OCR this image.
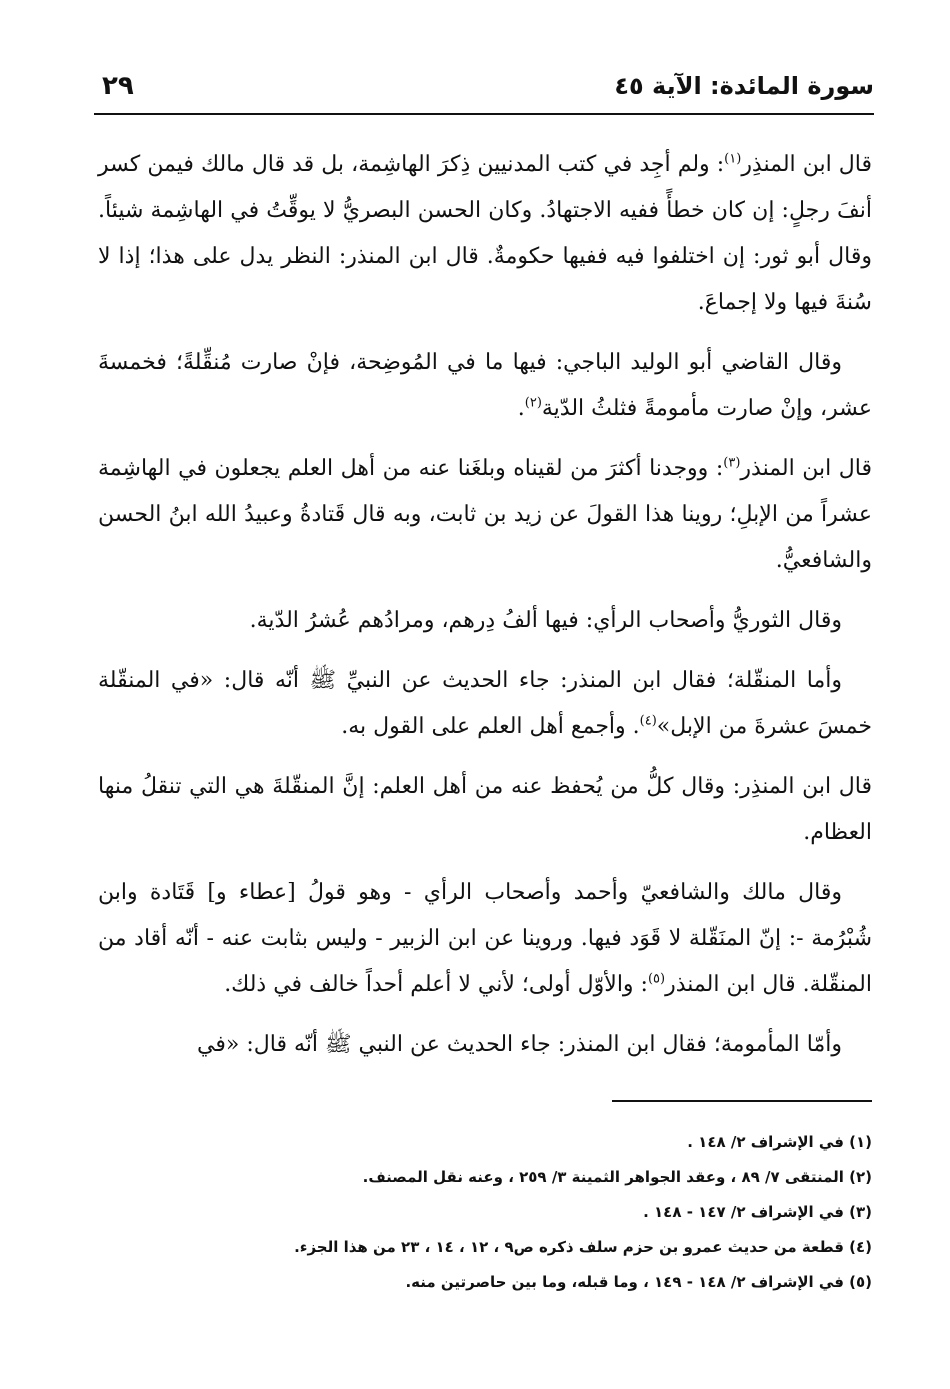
سورة المائدة: الآية ٤٥
٢٩

قال ابن المنذِر$^{(١)}$: ولم أجِد في كتب المدنيين ذِكرَ الهاشِمة، بل قد قال مالك فيمن كسر أنفَ رجلٍ: إن كان خطأً ففيه الاجتهادُ. وكان الحسن البصريُّ لا يوقِّتُ في الهاشِمة شيئاً. وقال أبو ثور: إن اختلفوا فيه ففيها حكومةٌ. قال ابن المنذر: النظر يدل على هذا؛ إذا لا سُنةَ فيها ولا إجماعَ.

وقال القاضي أبو الوليد الباجي: فيها ما في المُوضِحة، فإنْ صارت مُنقِّلةً؛ فخمسةَ عشر، وإنْ صارت مأمومةً فثلثُ الدّية$^{(٢)}$.

قال ابن المنذر$^{(٣)}$: ووجدنا أكثرَ من لقيناه وبلغَنا عنه من أهل العلم يجعلون في الهاشِمة عشراً من الإبلِ؛ روينا هذا القولَ عن زيد بن ثابت، وبه قال قَتادةُ وعبيدُ الله ابنُ الحسن والشافعيُّ.

وقال الثوريُّ وأصحاب الرأي: فيها ألفُ دِرهم، ومرادُهم عُشرُ الدّية.

وأما المنقّلة؛ فقال ابن المنذر: جاء الحديث عن النبيِّ ﷺ أنّه قال: «في المنقّلة خمسَ عشرةَ من الإبل»$^{(٤)}$. وأجمع أهل العلم على القول به.

قال ابن المنذِر: وقال كلُّ من يُحفظ عنه من أهل العلم: إنَّ المنقّلةَ هي التي تنقلُ منها العظام.

وقال مالك والشافعيّ وأحمد وأصحاب الرأي - وهو قولُ [عطاء و] قَتَادة وابن شُبْرُمة -: إنّ المنَقّلة لا قَوَد فيها. وروينا عن ابن الزبير - وليس بثابت عنه - أنّه أقاد من المنقّلة. قال ابن المنذر$^{(٥)}$: والأوّل أولى؛ لأني لا أعلم أحداً خالف في ذلك.

وأمّا المأمومة؛ فقال ابن المنذر: جاء الحديث عن النبي ﷺ أنّه قال: «في

(١) في الإشراف ٢/ ١٤٨ .
(٢) المنتقى ٧/ ٨٩ ، وعقد الجواهر الثمينة ٣/ ٢٥٩ ، وعنه نقل المصنف.
(٣) في الإشراف ٢/ ١٤٧ - ١٤٨ .
(٤) قطعة من حديث عمرو بن حزم سلف ذكره ص٩ ، ١٢ ، ١٤ ، ٢٣ من هذا الجزء.
(٥) في الإشراف ٢/ ١٤٨ - ١٤٩ ، وما قبله، وما بين حاصرتين منه.
